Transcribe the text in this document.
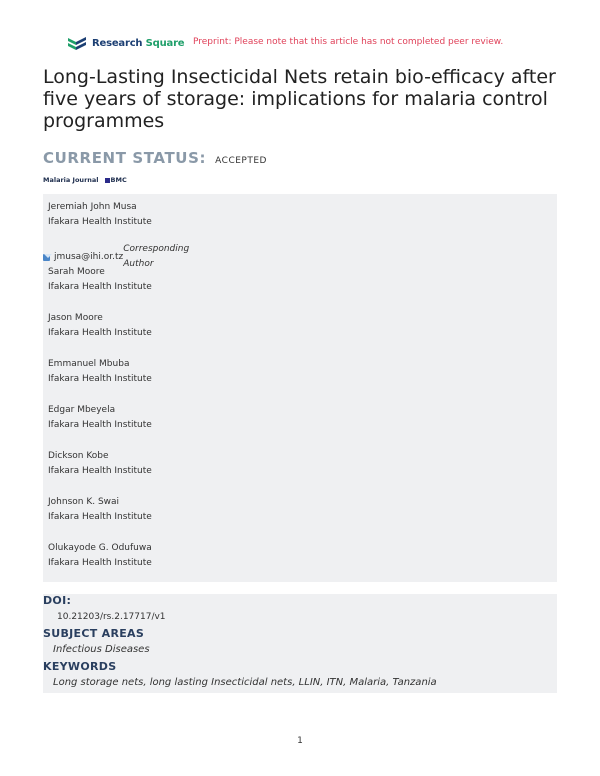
Research Square Preprint: Please note that this article has not completed peer review.
Long-Lasting Insecticidal Nets retain bio-efficacy after five years of storage: implications for malaria control programmes
CURRENT STATUS: ACCEPTED
Malaria Journal BMC
Jeremiah John Musa
Ifakara Health Institute
jmusa@ihi.or.tz
Corresponding Author
Sarah Moore
Ifakara Health Institute
Jason Moore
Ifakara Health Institute
Emmanuel Mbuba
Ifakara Health Institute
Edgar Mbeyela
Ifakara Health Institute
Dickson Kobe
Ifakara Health Institute
Johnson K. Swai
Ifakara Health Institute
Olukayode G. Odufuwa
Ifakara Health Institute
DOI:
10.21203/rs.2.17717/v1
SUBJECT AREAS
Infectious Diseases
KEYWORDS
Long storage nets, long lasting Insecticidal nets, LLIN, ITN, Malaria, Tanzania
1
